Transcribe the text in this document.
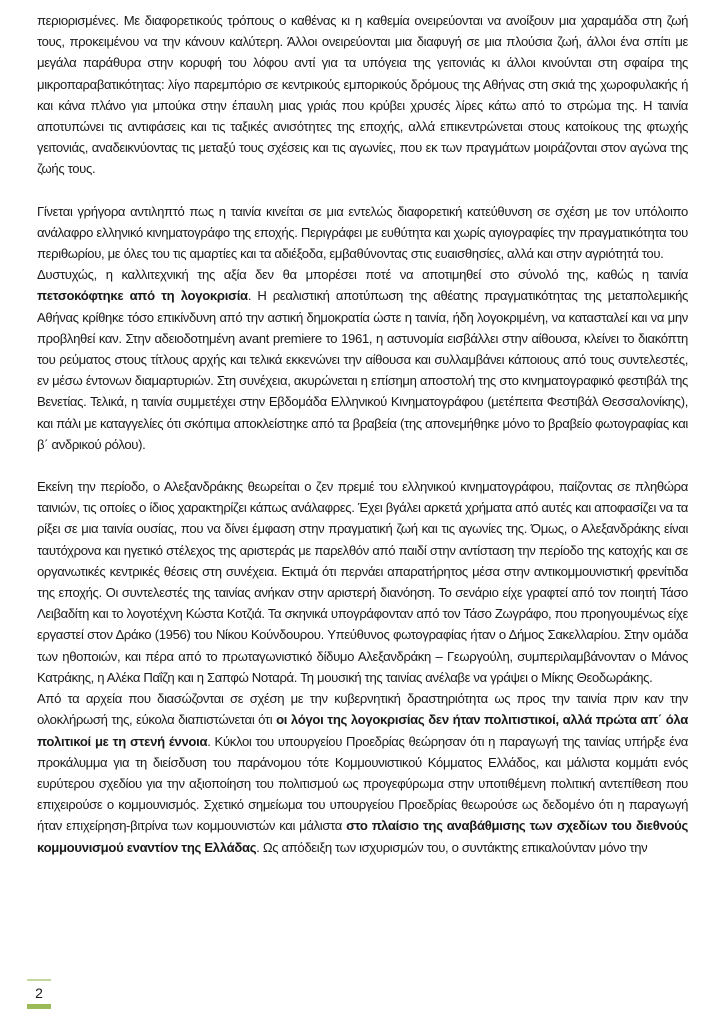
περιορισμένες. Με διαφορετικούς τρόπους ο καθένας κι η καθεμία ονειρεύονται να ανοίξουν μια χαραμάδα στη ζωή τους, προκειμένου να την κάνουν καλύτερη. Άλλοι ονειρεύονται μια διαφυγή σε μια πλούσια ζωή, άλλοι ένα σπίτι με μεγάλα παράθυρα στην κορυφή του λόφου αντί για τα υπόγεια της γειτονιάς κι άλλοι κινούνται στη σφαίρα της μικροπαραβατικότητας: λίγο παρεμπόριο σε κεντρικούς εμπορικούς δρόμους της Αθήνας στη σκιά της χωροφυλακής ή και κάνα πλάνο για μπούκα στην έπαυλη μιας γριάς που κρύβει χρυσές λίρες κάτω από το στρώμα της. Η ταινία αποτυπώνει τις αντιφάσεις και τις ταξικές ανισότητες της εποχής, αλλά επικεντρώνεται στους κατοίκους της φτωχής γειτονιάς, αναδεικνύοντας τις μεταξύ τους σχέσεις και τις αγωνίες, που εκ των πραγμάτων μοιράζονται στον αγώνα της ζωής τους.

Γίνεται γρήγορα αντιληπτό πως η ταινία κινείται σε μια εντελώς διαφορετική κατεύθυνση σε σχέση με τον υπόλοιπο ανάλαφρο ελληνικό κινηματογράφο της εποχής. Περιγράφει με ευθύτητα και χωρίς αγιογραφίες την πραγματικότητα του περιθωρίου, με όλες του τις αμαρτίες και τα αδιέξοδα, εμβαθύνοντας στις ευαισθησίες, αλλά και στην αγριότητά του.

Δυστυχώς, η καλλιτεχνική της αξία δεν θα μπορέσει ποτέ να αποτιμηθεί στο σύνολό της, καθώς η ταινία πετσοκόφτηκε από τη λογοκρισία. Η ρεαλιστική αποτύπωση της αθέατης πραγματικότητας της μεταπολεμικής Αθήνας κρίθηκε τόσο επικίνδυνη από την αστική δημοκρατία ώστε η ταινία, ήδη λογοκριμένη, να κατασταλεί και να μην προβληθεί καν. Στην αδειοδοτημένη avant premiere το 1961, η αστυνομία εισβάλλει στην αίθουσα, κλείνει το διακόπτη του ρεύματος στους τίτλους αρχής και τελικά εκκενώνει την αίθουσα και συλλαμβάνει κάποιους από τους συντελεστές, εν μέσω έντονων διαμαρτυριών. Στη συνέχεια, ακυρώνεται η επίσημη αποστολή της στο κινηματογραφικό φεστιβάλ της Βενετίας. Τελικά, η ταινία συμμετέχει στην Εβδομάδα Ελληνικού Κινηματογράφου (μετέπειτα Φεστιβάλ Θεσσαλονίκης), και πάλι με καταγγελίες ότι σκόπιμα αποκλείστηκε από τα βραβεία (της απονεμήθηκε μόνο το βραβείο φωτογραφίας και β΄ ανδρικού ρόλου).

Εκείνη την περίοδο, ο Αλεξανδράκης θεωρείται ο ζεν πρεμιέ του ελληνικού κινηματογράφου, παίζοντας σε πληθώρα ταινιών, τις οποίες ο ίδιος χαρακτηρίζει κάπως ανάλαφρες. Έχει βγάλει αρκετά χρήματα από αυτές και αποφασίζει να τα ρίξει σε μια ταινία ουσίας, που να δίνει έμφαση στην πραγματική ζωή και τις αγωνίες της. Όμως, ο Αλεξανδράκης είναι ταυτόχρονα και ηγετικό στέλεχος της αριστεράς με παρελθόν από παιδί στην αντίσταση την περίοδο της κατοχής και σε οργανωτικές κεντρικές θέσεις στη συνέχεια. Εκτιμά ότι περνάει απαρατήρητος μέσα στην αντικομμουνιστική φρενίτιδα της εποχής. Οι συντελεστές της ταινίας ανήκαν στην αριστερή διανόηση. Το σενάριο είχε γραφτεί από τον ποιητή Τάσο Λειβαδίτη και το λογοτέχνη Κώστα Κοτζιά. Τα σκηνικά υπογράφονταν από τον Τάσο Ζωγράφο, που προηγουμένως είχε εργαστεί στον Δράκο (1956) του Νίκου Κούνδουρου. Υπεύθυνος φωτογραφίας ήταν ο Δήμος Σακελλαρίου. Στην ομάδα των ηθοποιών, και πέρα από το πρωταγωνιστικό δίδυμο Αλεξανδράκη – Γεωργούλη, συμπεριλαμβάνονταν ο Μάνος Κατράκης, η Αλέκα Παΐζη και η Σαπφώ Νοταρά. Τη μουσική της ταινίας ανέλαβε να γράψει ο Μίκης Θεοδωράκης.

Από τα αρχεία που διασώζονται σε σχέση με την κυβερνητική δραστηριότητα ως προς την ταινία πριν καν την ολοκλήρωσή της, εύκολα διαπιστώνεται ότι οι λόγοι της λογοκρισίας δεν ήταν πολιτιστικοί, αλλά πρώτα απ΄ όλα πολιτικοί με τη στενή έννοια. Κύκλοι του υπουργείου Προεδρίας θεώρησαν ότι η παραγωγή της ταινίας υπήρξε ένα προκάλυμμα για τη διείσδυση του παράνομου τότε Κομμουνιστικού Κόμματος Ελλάδος, και μάλιστα κομμάτι ενός ευρύτερου σχεδίου για την αξιοποίηση του πολιτισμού ως προγεφύρωμα στην υποτιθέμενη πολιτική αντεπίθεση που επιχειρούσε ο κομμουνισμός. Σχετικό σημείωμα του υπουργείου Προεδρίας θεωρούσε ως δεδομένο ότι η παραγωγή ήταν επιχείρηση-βιτρίνα των κομμουνιστών και μάλιστα στο πλαίσιο της αναβάθμισης των σχεδίων του διεθνούς κομμουνισμού εναντίον της Ελλάδας. Ως απόδειξη των ισχυρισμών του, ο συντάκτης επικαλούνταν μόνο την

2
